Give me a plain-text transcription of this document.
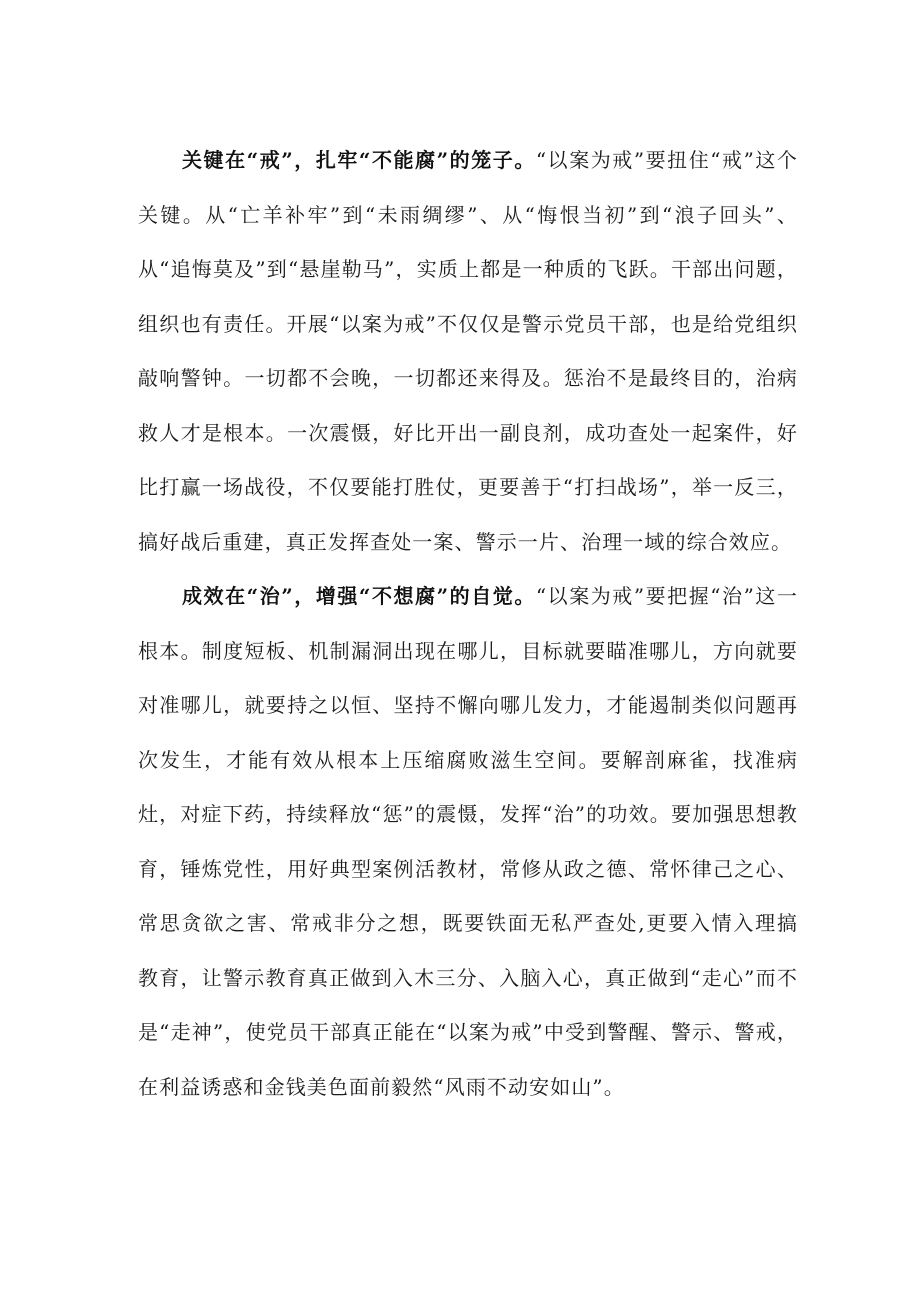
关键在“戒”，扎牢“不能腐”的笼子。“以案为戒”要扭住“戒”这个关键。从“亡羊补牢”到“未雨绸缪”、从“悔恨当初”到“浪子回头”、从“追悔莫及”到“悬崖勒马”，实质上都是一种质的飞跃。干部出问题，组织也有责任。开展“以案为戒”不仅仅是警示党员干部，也是给党组织敲响警钟。一切都不会晚，一切都还来得及。惩治不是最终目的，治病救人才是根本。一次震慑，好比开出一副良剂，成功查处一起案件，好比打赢一场战役，不仅要能打胜仗，更要善于“打扫战场”，举一反三，搞好战后重建，真正发挥查处一案、警示一片、治理一域的综合效应。

成效在“治”，增强“不想腐”的自觉。“以案为戒”要把握“治”这一根本。制度短板、机制漏洞出现在哪儿，目标就要瞄准哪儿，方向就要对准哪儿，就要持之以恒、坚持不懈向哪儿发力，才能遏制类似问题再次发生，才能有效从根本上压缩腐败滋生空间。要解剖麻雀，找准病灶，对症下药，持续释放“惩”的震慑，发挥“治”的功效。要加强思想教育，锤炼党性，用好典型案例活教材，常修从政之德、常怀律己之心、常思贪欲之害、常戒非分之想，既要铁面无私严查处,更要入情入理搞教育，让警示教育真正做到入木三分、入脑入心，真正做到“走心”而不是“走神”，使党员干部真正能在“以案为戒”中受到警醒、警示、警戒，在利益诱惑和金钱美色面前毅然“风雨不动安如山”。
